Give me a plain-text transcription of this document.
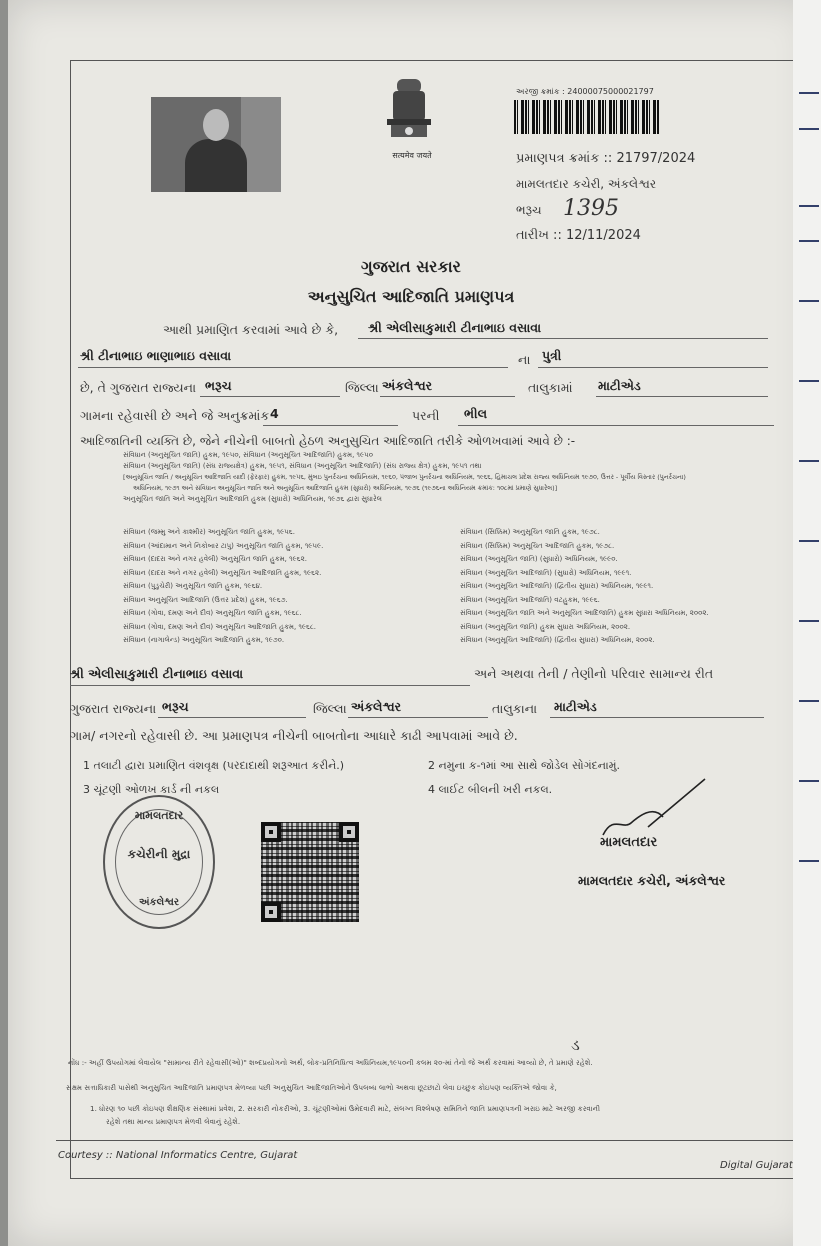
सत्यमेव जयते
અરજી ક્રમાંક : 24000075000021797
પ્રમાણપત્ર ક્રમાંક :: 21797/2024
મામલતદાર કચેરી, અંકલેશ્વર
ભરૂચ 1395
તારીખ :: 12/11/2024
ગુજરાત સરકાર
અનુસુચિત આદિજાતિ પ્રમાણપત્ર
આથી પ્રમાણિત કરવામાં આવે છે કે, શ્રી એલીસાકુમારી ટીનાભાઇ વસાવા
શ્રી ટીનાભાઇ ભાણાભાઇ વસાવા	ના પુત્રી
છે, તે ગુજરાત રાજ્યના ભરૂચ	જિલ્લા અંકલેશ્વર	તાલુકામાં માટીએડ
ગામના રહેવાસી છે અને જે અનુક્રમાંક 4	પરની ભીલ
આદિજાતિની વ્યક્તિ છે, જેને નીચેની બાબતો હેઠળ અનુસુચિત આદિજાતિ તરીકે ઓળખવામાં આવે છે :-
સંવિધાન (અનુસૂચિત જાતિ) હુકમ, ૧૯૫૦, સંવિધાન (અનુસૂચિત આદિજાતિ) હુકમ, ૧૯૫૦
સંવિધાન (અનુસૂચિત જાતિ) (સંઘ રાજ્યક્ષેત્ર) હુકમ, ૧૯૫૧, સંવિધાન (અનુસૂચિત આદિજાતિ) (સંઘ રાજ્ય ક્ષેત્ર) હુકમ, ૧૯૫૧ તથા
[અનુસૂચિત જાતિ / અનુસૂચિત આદિજાતિ યાદી (ફેરફાર) હુકમ, ૧૯૫૬, મુંબઇ પુનર્રચના અધિનિયમ, ૧૯૬૦, પંજાબ પુનર્રચના અધિનિયમ, ૧૯૬૬, હિમાચલ પ્રદેશ રાજ્ય અધિનિયમ ૧૯૭૦, ઉત્તર - પૂર્વીય વિસ્તાર (પુનર્રચના)
અધિનિયમ, ૧૯૭૧ અને સંવિધાન અનુસૂચિત જાતિ અને અનુસૂચિત આદિજાતિ હુકમ (સુધારો) અધિનિયમ, ૧૯૭૬ (૧૯૭૬ના અધિનિયમ ક્રમાંક: ૧૦૮માં પ્રમાણે સુધારેલ)]
અનુસૂચિત જાતિ અને અનુસૂચિત આદિજાતિ હુકમ (સુધારો) અધિનિયમ, ૧૯૭૬ દ્વારા સુધારેલ
સંવિધાન (જમ્મુ અને કાશ્મીર) અનુસૂચિત જાતિ હુકમ, ૧૯૫૬.
સંવિધાન (આંદામાન અને નિકોબાર ટાપુ) અનુસૂચિત જાતિ હુકમ, ૧૯૫૯.
સંવિધાન (દાદરા અને નગર હવેલી) અનુસૂચિત જાતિ હુકમ, ૧૯૬૨.
સંવિધાન (દાદરા અને નગર હવેલી) અનુસૂચિત આદિજાતિ હુકમ, ૧૯૬૨.
સંવિધાન (પુડુચેરી) અનુસૂચિત જાતિ હુકમ, ૧૯૬૪.
સંવિધાન અનુસૂચિત આદિજાતિ (ઉત્તર પ્રદેશ) હુકમ, ૧૯૬૭.
સંવિધાન (ગોવા, દમણ અને દીવ) અનુસૂચિત જાતિ હુકમ, ૧૯૬૮.
સંવિધાન (ગોવા, દમણ અને દીવ) અનુસૂચિત આદિજાતિ હુકમ, ૧૯૬૮.
સંવિધાન (નાગાલેન્ડ) અનુસૂચિત આદિજાતિ હુકમ, ૧૯૭૦.
સંવિધાન (સિક્કિમ) અનુસૂચિત જાતિ હુકમ, ૧૯૭૮.
સંવિધાન (સિક્કિમ) અનુસૂચિત આદિજાતિ હુકમ, ૧૯૭૮.
સંવિધાન (અનુસૂચિત જાતિ) (સુધારો) અધિનિયમ, ૧૯૯૦.
સંવિધાન (અનુસૂચિત આદિજાતિ) (સુધારો) અધિનિયમ, ૧૯૯૧.
સંવિધાન (અનુસૂચિત આદિજાતિ) (દ્વિતીય સુધારા) અધિનિયમ, ૧૯૯૧.
સંવિધાન (અનુસૂચિત આદિજાતિ) વટહુકમ, ૧૯૯૬.
સંવિધાન (અનુસૂચિત જાતિ અને અનુસૂચિત આદિજાતિ) હુકમ સુધારા અધિનિયમ, ૨૦૦૨.
સંવિધાન (અનુસૂચિત જાતિ) હુકમ સુધારા અધિનિયમ, ૨૦૦૨.
સંવિધાન (અનુસૂચિત આદિજાતિ) (દ્વિતીય સુધારા) અધિનિયમ, ૨૦૦૨.
શ્રી એલીસાકુમારી ટીનાભાઇ વસાવા	અને અથવા તેની / તેણીનો પરિવાર સામાન્ય રીત
ગુજરાત રાજ્યના ભરૂચ	જિલ્લા અંકલેશ્વર	તાલુકાના માટીએડ
ગામ/ નગરનો રહેવાસી છે. આ પ્રમાણપત્ર નીચેની બાબતોના આધારે કાઢી આપવામાં આવે છે.
1 તલાટી દ્વારા પ્રમાણિત વંશવૃક્ષ (પરદાદાથી શરૂઆત કરીને.)	2 નમુના ક-૧માં આ સાથે જોડેલ સોગંદનામું.
3 ચૂંટણી ઓળખ કાર્ડ ની નકલ	4 લાઈટ બીલની ખરી નકલ.
મામલતદાર
કચેરીની મુદ્રા
અંકલેશ્વર
મામલતદાર
મામલતદાર કચેરી, અંકલેશ્વર
ડ
નોંધ :- અહીં ઉપયોગમાં લેવાયેલ "સામાન્ય રીતે રહેવાસી(ઓ)" શબ્દપ્રયોગનો અર્થ, લોક-પ્રતિનિધિત્વ અધિનિયમ,૧૯૫૦ની કલમ ૨૦-માં તેનો જે અર્થ કરવામાં આવ્યો છે, તે પ્રમાણે રહેશે.
સક્ષમ સત્તાધિકારી પાસેથી અનુસુચિત આદિજાતિ પ્રમાણપત્ર મેળવ્યા પછી અનુસુચિત આદિજાતિઓને ઉપલબ્ધ લાભો અથવા છૂટછાટો લેવા ઇચ્છુક કોઇપણ વ્યક્તિએ જોવા કે,
1. ધોરણ ૧૦ પછી કોઇપણ શૈક્ષણિક સંસ્થામાં પ્રવેશ, 2. સરકારી નોકરીઓ, 3. ચૂંટણીઓમાં ઉમેદવારી માટે, સંલગ્ન વિશ્લેષણ સમિતિને જાતિ પ્રમાણપત્રની ખરાઇ માટે અરજી કરવાની
રહેશે તથા માન્ય પ્રમાણપત્ર મેળવી લેવાનું રહેશે.
Courtesy :: National Informatics Centre, Gujarat
Digital Gujarat
